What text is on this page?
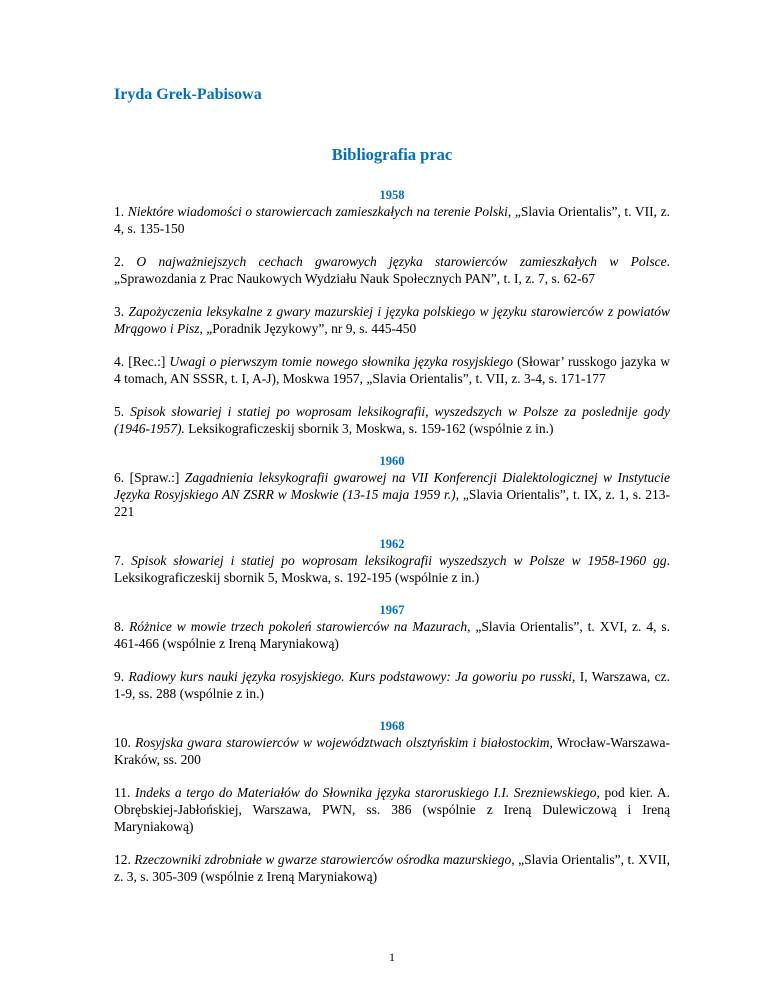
Iryda Grek-Pabisowa
Bibliografia prac
1958

1. Niektóre wiadomości o starowiercach zamieszkałych na terenie Polski, „Slavia Orientalis”, t. VII, z. 4, s. 135-150

2. O najważniejszych cechach gwarowych języka starowierców zamieszkałych w Polsce. „Sprawozdania z Prac Naukowych Wydziału Nauk Społecznych PAN”, t. I, z. 7, s. 62-67

3. Zapożyczenia leksykalne z gwary mazurskiej i języka polskiego w języku starowierców z powiatów Mrągowo i Pisz, „Poradnik Językowy”, nr 9, s. 445-450

4. [Rec.:] Uwagi o pierwszym tomie nowego słownika języka rosyjskiego (Słowar’ russkogo jazyka w 4 tomach, AN SSSR, t. I, A-J), Moskwa 1957, „Slavia Orientalis”, t. VII, z. 3-4, s. 171-177

5. Spisok słowariej i statiej po woprosam leksikografii, wyszedszych w Polsze za poslednije gody (1946-1957). Leksikograficzeskij sbornik 3, Moskwa, s. 159-162 (wspólnie z in.)

1960

6. [Spraw.:] Zagadnienia leksykografii gwarowej na VII Konferencji Dialektologicznej w Instytucie Języka Rosyjskiego AN ZSRR w Moskwie (13-15 maja 1959 r.), „Slavia Orientalis”, t. IX, z. 1, s. 213-221

1962

7. Spisok słowariej i statiej po woprosam leksikografii wyszedszych w Polsze w 1958-1960 gg. Leksikograficzeskij sbornik 5, Moskwa, s. 192-195 (wspólnie z in.)

1967

8. Różnice w mowie trzech pokoleń starowierców na Mazurach, „Slavia Orientalis”, t. XVI, z. 4, s. 461-466 (wspólnie z Ireną Maryniakową)

9. Radiowy kurs nauki języka rosyjskiego. Kurs podstawowy: Ja goworiu po russki, I, Warszawa, cz. 1-9, ss. 288 (wspólnie z in.)

1968

10. Rosyjska gwara starowierców w województwach olsztyńskim i białostockim, Wrocław-Warszawa-Kraków, ss. 200

11. Indeks a tergo do Materiałów do Słownika języka staroruskiego I.I. Srezniewskiego, pod kier. A. Obrębskiej-Jabłońskiej, Warszawa, PWN, ss. 386 (wspólnie z Ireną Dulewiczową i Ireną Maryniakową)

12. Rzeczowniki zdrobniałe w gwarze starowierców ośrodka mazurskiego, „Slavia Orientalis”, t. XVII, z. 3, s. 305-309 (wspólnie z Ireną Maryniakową)

1
